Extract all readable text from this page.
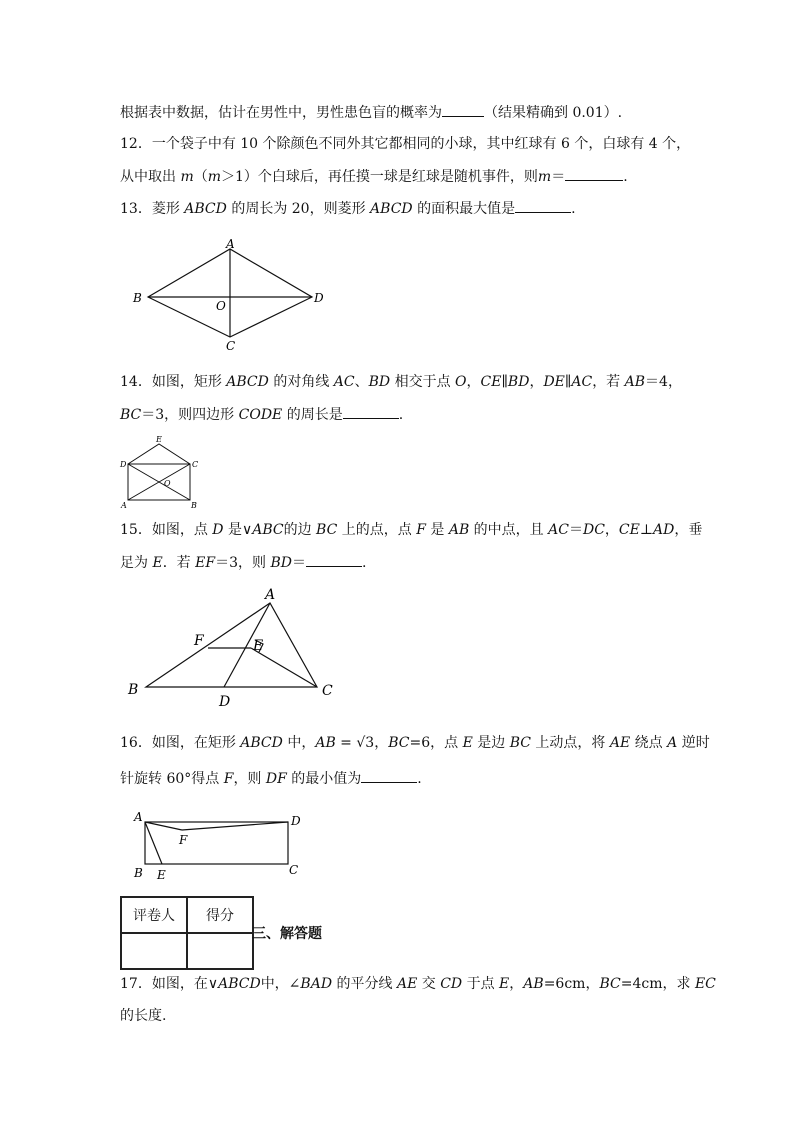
根据表中数据，估计在男性中，男性患色盲的概率为	（结果精确到 0.01）.
12．一个袋子中有 10 个除颜色不同外其它都相同的小球，其中红球有 6 个，白球有 4 个，
从中取出 m（m＞1）个白球后，再任摸一球是红球是随机事件，则m＝	.
13．菱形 ABCD 的周长为 20，则菱形 ABCD 的面积最大值是	.
A
B	D
C
O
14．如图，矩形 ABCD 的对角线 AC、BD 相交于点 O，CE∥BD，DE∥AC，若 AB＝4，
BC＝3，则四边形 CODE 的周长是	.
E
D	C
A	B
O
15．如图，点 D 是∨ABC的边 BC 上的点，点 F 是 AB 的中点，且 AC＝DC，CE⊥AD，垂
足为 E．若 EF＝3，则 BD＝	.
A
B	C
D
E
F
16．如图，在矩形 ABCD 中，AB = √3，BC=6，点 E 是边 BC 上动点，将 AE 绕点 A 逆时
针旋转 60°得点 F，则 DF 的最小值为	.
A	D
F
B E	C
评卷人	得分

三、解答题
17．如图，在∨ABCD中，∠BAD 的平分线 AE 交 CD 于点 E，AB=6cm，BC=4cm，求 EC
的长度.
